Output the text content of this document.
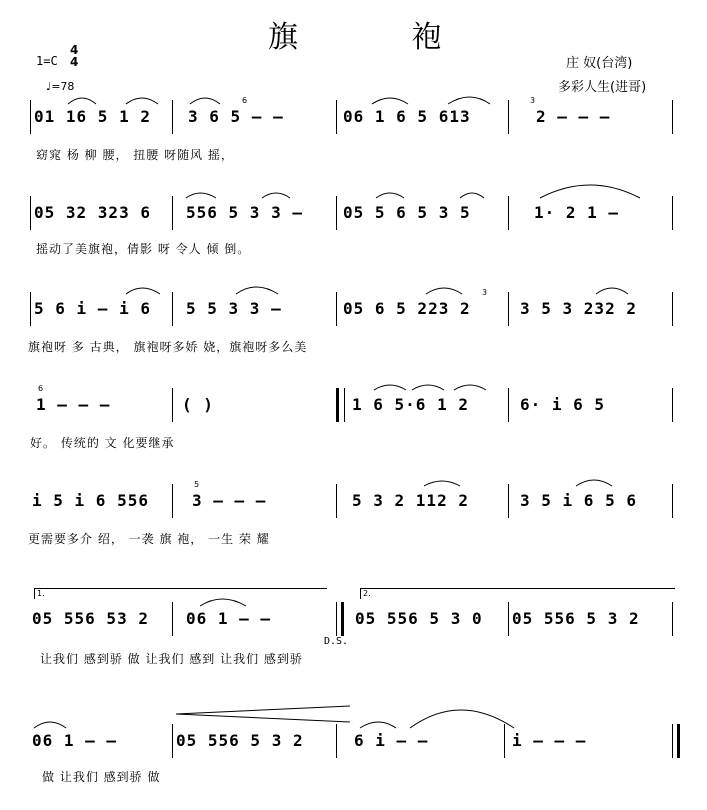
旗 袍
1=C
4
4
♩=78
庄 奴(台湾)
多彩人生(进哥)
01 16 5 1 2 3 6 5 – –	06 1 6 5 613	2 – – –
窈窕 杨 柳 腰， 扭腰 呀随风 摇，
05 32 323 6 556 5 3 3 –	05 5 6 5 3 5	1· 2 1 –
摇动了美旗袍，倩影 呀 令人 倾 倒。
5 6 i – i 6 5 5 3 3 –	05 6 5 223 2	3 5 3 232 2
旗袍呀 多 古典， 旗袍呀多娇 娆，旗袍呀多么美
1 – – –	( )	1 6 5·6 1 2	6· i 6 5
好。 传统的 文 化要继承
i 5 i 6 556	3 – – –	5 3 2 112 2	3 5 i 6 5 6
更需要多介 绍， 一袭 旗 袍， 一生 荣 耀
1.	2.
05 556 53 2 06 1 – –
D.S.
05 556 5 3 0 05 556 5 3 2
让我们 感到骄 做 让我们 感到 让我们 感到骄
06 1 – –	05 556 5 3 2	6 i – –	i – – –
做 让我们 感到骄 做
6	3
3
6
5
